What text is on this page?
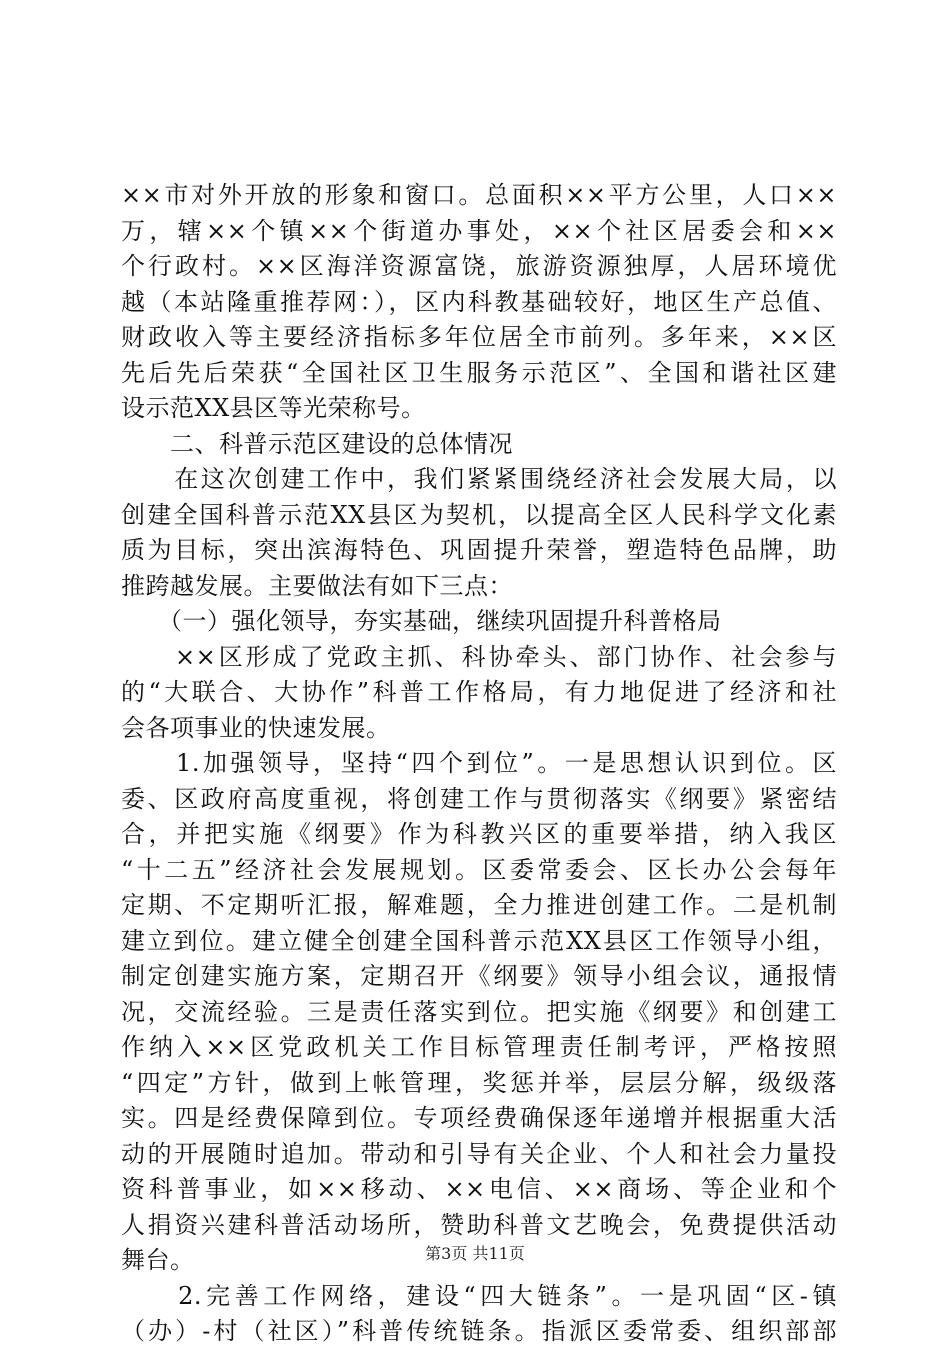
××市对外开放的形象和窗口。总面积××平方公里，人口××
万，辖××个镇××个街道办事处，××个社区居委会和××
个行政村。××区海洋资源富饶，旅游资源独厚，人居环境优
越（本站隆重推荐网：），区内科教基础较好，地区生产总值、
财政收入等主要经济指标多年位居全市前列。多年来，××区
先后先后荣获“全国社区卫生服务示范区”、全国和谐社区建
设示范XX县区等光荣称号。
　　二、科普示范区建设的总体情况
　　在这次创建工作中，我们紧紧围绕经济社会发展大局，以
创建全国科普示范XX县区为契机，以提高全区人民科学文化素
质为目标，突出滨海特色、巩固提升荣誉，塑造特色品牌，助
推跨越发展。主要做法有如下三点：
　　（一）强化领导，夯实基础，继续巩固提升科普格局
　　××区形成了党政主抓、科协牵头、部门协作、社会参与
的“大联合、大协作”科普工作格局，有力地促进了经济和社
会各项事业的快速发展。
　　1.加强领导，坚持“四个到位”。一是思想认识到位。区
委、区政府高度重视，将创建工作与贯彻落实《纲要》紧密结
合，并把实施《纲要》作为科教兴区的重要举措，纳入我区
“十二五”经济社会发展规划。区委常委会、区长办公会每年
定期、不定期听汇报，解难题，全力推进创建工作。二是机制
建立到位。建立健全创建全国科普示范XX县区工作领导小组，
制定创建实施方案，定期召开《纲要》领导小组会议，通报情
况，交流经验。三是责任落实到位。把实施《纲要》和创建工
作纳入××区党政机关工作目标管理责任制考评，严格按照
“四定”方针，做到上帐管理，奖惩并举，层层分解，级级落
实。四是经费保障到位。专项经费确保逐年递增并根据重大活
动的开展随时追加。带动和引导有关企业、个人和社会力量投
资科普事业，如××移动、××电信、××商场、等企业和个
人捐资兴建科普活动场所，赞助科普文艺晚会，免费提供活动
舞台。
　　2.完善工作网络，建设“四大链条”。一是巩固“区-镇
（办）-村（社区）”科普传统链条。指派区委常委、组织部部
第3页 共11页
